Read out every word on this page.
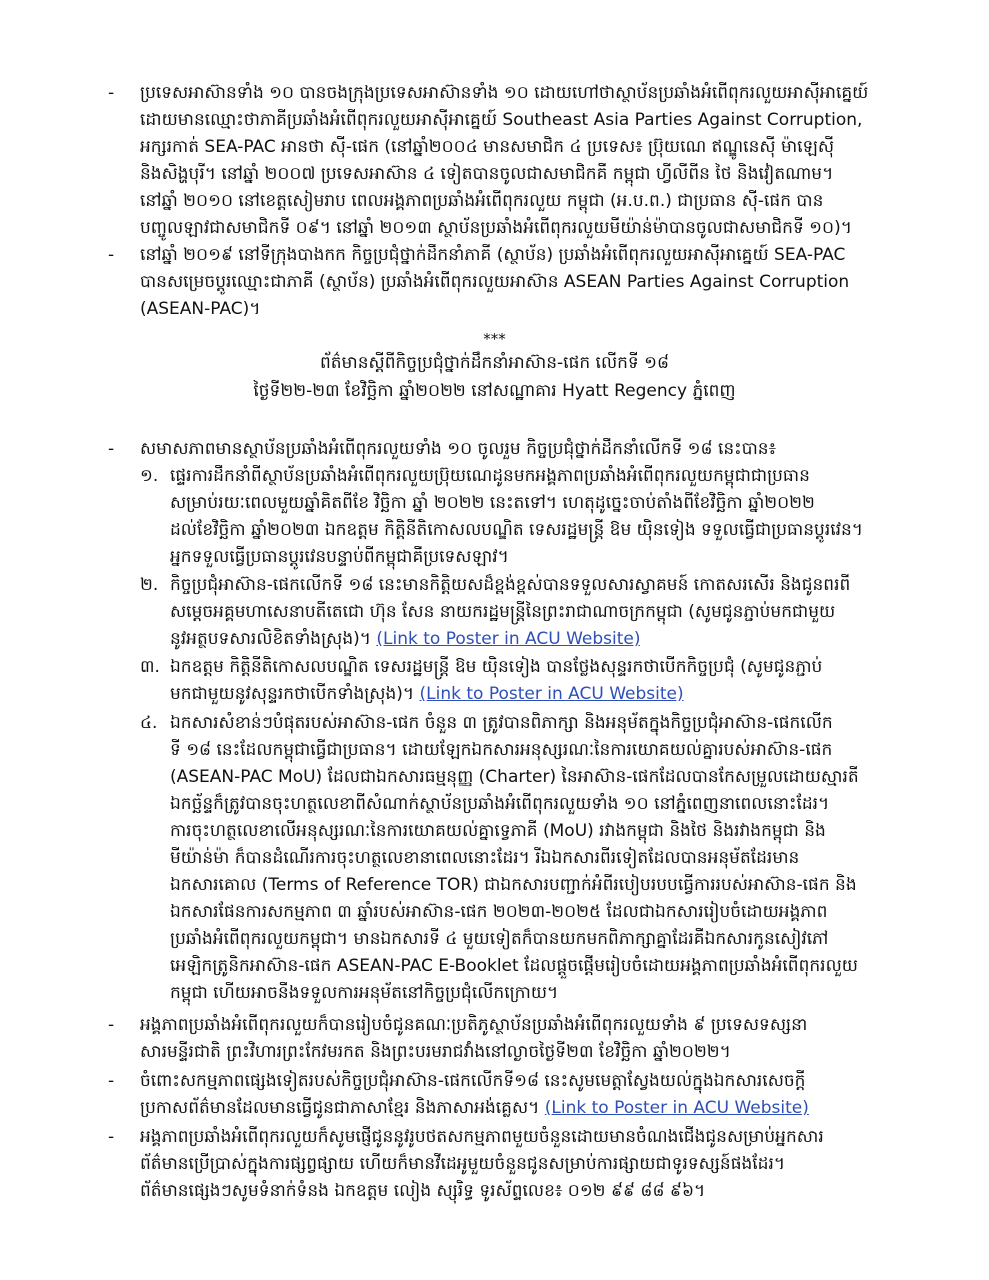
-	ប្រទេសអាស៊ានទាំង ១០ បានចងក្រុងប្រទេសអាស៊ានទាំង ១០ ដោយហៅថាស្ថាប័នប្រឆាំងអំពើពុករលួយអាស៊ីអាគ្នេយ៍
ដោយមានឈ្មោះថាភាគីប្រឆាំងអំពើពុករលួយអាស៊ីអាគ្នេយ៍ Southeast Asia Parties Against Corruption,
អក្សរកាត់ SEA-PAC អានថា ស៊ី-ផេក (នៅឆ្នាំ២០០៤ មានសមាជិក ៤ ប្រទេស៖ ប្រ៊ុយណេ ឥណ្ឌូនេស៊ី ម៉ាឡេស៊ី
និងសិង្ហបុរី។ នៅឆ្នាំ ២០០៧ ប្រទេសអាស៊ាន ៤ ទៀតបានចូលជាសមាជិកគឺ កម្ពុជា ហ្វីលីពីន ថៃ និងវៀតណាម។
នៅឆ្នាំ ២០១០ នៅខេត្តសៀមរាប ពេលអង្គភាពប្រឆាំងអំពើពុករលួយ កម្ពុជា (អ.ប.ព.) ជាប្រធាន ស៊ី-ផេក បាន
បញ្ចូលឡាវជាសមាជិកទី ០៩។ នៅឆ្នាំ ២០១៣ ស្ថាប័នប្រឆាំងអំពើពុករលួយមីយ៉ាន់ម៉ាបានចូលជាសមាជិកទី ១០)។
-	នៅឆ្នាំ ២០១៩ នៅទីក្រុងបាងកក កិច្ចប្រជុំថ្នាក់ដឹកនាំភាគី (ស្ថាប័ន) ប្រឆាំងអំពើពុករលួយអាស៊ីអាគ្នេយ៍ SEA-PAC
បានសម្រេចប្ដូរឈ្មោះជាភាគី (ស្ថាប័ន) ប្រឆាំងអំពើពុករលួយអាស៊ាន ASEAN Parties Against Corruption
(ASEAN-PAC)។
***
ព័ត៌មានស្ដីពីកិច្ចប្រជុំថ្នាក់ដឹកនាំអាស៊ាន-ផេក លើកទី ១៨
ថ្ងៃទី២២-២៣ ខែវិច្ឆិកា ឆ្នាំ២០២២ នៅសណ្ឋាគារ Hyatt Regency ភ្នំពេញ
-	សមាសភាពមានស្ថាប័នប្រឆាំងអំពើពុករលួយទាំង ១០ ចូលរួម កិច្ចប្រជុំថ្នាក់ដឹកនាំលើកទី ១៨ នេះបាន៖
១. ផ្ទេរការដឹកនាំពីស្ថាប័នប្រឆាំងអំពើពុករលួយប្រ៊ុយណេដូនមកអង្គភាពប្រឆាំងអំពើពុករលួយកម្ពុជាជាប្រធាន
សម្រាប់រយៈពេលមួយឆ្នាំគិតពីខែ វិច្ឆិកា ឆ្នាំ ២០២២ នេះតទៅ។ ហេតុដូច្នេះចាប់តាំងពីខែវិច្ឆិកា ឆ្នាំ២០២២
ដល់ខែវិច្ឆិកា ឆ្នាំ២០២៣ ឯកឧត្ដម កិត្តិនីតិកោសលបណ្ឌិត ទេសរដ្ឋមន្ត្រី ឱម យ៉ិនទៀង ទទួលធ្វើជាប្រធានប្ដូរវេន។
អ្នកទទួលធ្វើប្រធានប្ដូរវេនបន្ទាប់ពីកម្ពុជាគឺប្រទេសឡាវ។
២. កិច្ចប្រជុំអាស៊ាន-ផេកលើកទី ១៨ នេះមានកិត្តិយសដ៏ខ្ពង់ខ្ពស់បានទទួលសារស្វាគមន៍ កោតសរសើរ និងជូនពរពី
សម្ដេចអគ្គមហាសេនាបតីតេជោ ហ៊ុន សែន នាយករដ្ឋមន្ត្រីនៃព្រះរាជាណាចក្រកម្ពុជា (សូមជូនភ្ជាប់មកជាមួយ
នូវអត្ថបទសារលិខិតទាំងស្រុង)។ (Link to Poster in ACU Website)
៣. ឯកឧត្ដម កិត្តិនីតិកោសលបណ្ឌិត ទេសរដ្ឋមន្ត្រី ឱម យ៉ិនទៀង បានថ្លែងសុន្ទរកថាបើកកិច្ចប្រជុំ (សូមជូនភ្ជាប់
មកជាមួយនូវសុន្ទរកថាបើកទាំងស្រុង)។ (Link to Poster in ACU Website)
៤. ឯកសារសំខាន់ៗបំផុតរបស់អាស៊ាន-ផេក ចំនួន ៣ ត្រូវបានពិភាក្សា និងអនុម័តក្នុងកិច្ចប្រជុំអាស៊ាន-ផេកលើក
ទី ១៨ នេះដែលកម្ពុជាធ្វើជាប្រធាន។ ដោយឡែកឯកសារអនុស្សរណៈនៃការយោគយល់គ្នារបស់អាស៊ាន-ផេក
(ASEAN-PAC MoU) ដែលជាឯកសារធម្មនុញ្ញ (Charter) នៃអាស៊ាន-ផេកដែលបានកែសម្រួលដោយស្មារតី
ឯកច្ឆ័ន្ទក៏ត្រូវបានចុះហត្ថលេខាពីសំណាក់ស្ថាប័នប្រឆាំងអំពើពុករលួយទាំង ១០ នៅភ្នំពេញនាពេលនោះដែរ។
ការចុះហត្ថលេខាលើអនុស្សរណៈនៃការយោគយល់គ្នាទ្វេភាគី (MoU) រវាងកម្ពុជា និងថៃ និងរវាងកម្ពុជា និង
មីយ៉ាន់ម៉ា ក៏បានដំណើរការចុះហត្ថលេខានាពេលនោះដែរ។ រីឯឯកសារពីរទៀតដែលបានអនុម័តដែរមាន
ឯកសារគោល (Terms of Reference TOR) ជាឯកសារបញ្ជាក់អំពីរបៀបរបបធ្វើការរបស់អាស៊ាន-ផេក និង
ឯកសារផែនការសកម្មភាព ៣ ឆ្នាំរបស់អាស៊ាន-ផេក ២០២៣-២០២៥ ដែលជាឯកសាររៀបចំដោយអង្គភាព
ប្រឆាំងអំពើពុករលួយកម្ពុជា។ មានឯកសារទី ៤ មួយទៀតក៏បានយកមកពិភាក្សាគ្នាដែរគឺឯកសារកូនសៀវភៅ
អេឡិកត្រូនិកអាស៊ាន-ផេក ASEAN-PAC E-Booklet ដែលផ្ដួចផ្ដើមរៀបចំដោយអង្គភាពប្រឆាំងអំពើពុករលួយ
កម្ពុជា ហើយអាចនឹងទទួលការអនុម័តនៅកិច្ចប្រជុំលើកក្រោយ។
-	អង្គភាពប្រឆាំងអំពើពុករលួយក៏បានរៀបចំជូនគណៈប្រតិភូស្ថាប័នប្រឆាំងអំពើពុករលួយទាំង ៩ ប្រទេសទស្សនា
សារមន្ទីរជាតិ ព្រះវិហារព្រះកែវមរកត និងព្រះបរមរាជវាំងនៅល្ងាចថ្ងៃទី២៣ ខែវិច្ឆិកា ឆ្នាំ២០២២។
-	ចំពោះសកម្មភាពផ្សេងទៀតរបស់កិច្ចប្រជុំអាស៊ាន-ផេកលើកទី១៨ នេះសូមមេត្តាស្វែងយល់ក្នុងឯកសារសេចក្ដី
ប្រកាសព័ត៌មានដែលមានធ្វើជូនជាភាសាខ្មែរ និងភាសាអង់គ្លេស។ (Link to Poster in ACU Website)
-	អង្គភាពប្រឆាំងអំពើពុករលួយក៏សូមផ្ញើជូននូវរូបថតសកម្មភាពមួយចំនួនដោយមានចំណងជើងជូនសម្រាប់អ្នកសារ
ព័ត៌មានប្រើប្រាស់ក្នុងការផ្សព្វផ្សាយ ហើយក៏មានវីដេអូមួយចំនួនជូនសម្រាប់ការផ្សាយជាទូរទស្សន៍ផងដែរ។
ព័ត៌មានផ្សេងៗសូមទំនាក់ទំនង ឯកឧត្ដម លៀង ស្សុរិទ្ធ ទូរស័ព្ទលេខ៖ ០១២ ៩៩ ៨៨ ៩៦។
